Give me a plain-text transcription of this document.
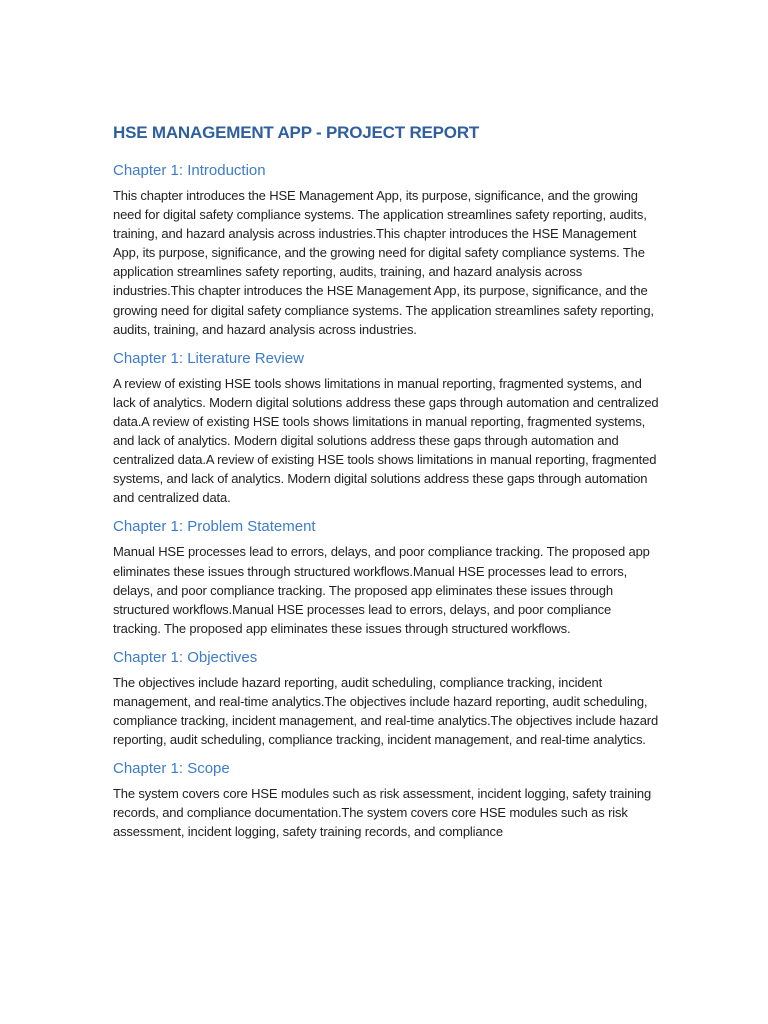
HSE MANAGEMENT APP - PROJECT REPORT
Chapter 1: Introduction

This chapter introduces the HSE Management App, its purpose, significance, and the growing need for digital safety compliance systems. The application streamlines safety reporting, audits, training, and hazard analysis across industries.This chapter introduces the HSE Management App, its purpose, significance, and the growing need for digital safety compliance systems. The application streamlines safety reporting, audits, training, and hazard analysis across industries.This chapter introduces the HSE Management App, its purpose, significance, and the growing need for digital safety compliance systems. The application streamlines safety reporting, audits, training, and hazard analysis across industries.

Chapter 1: Literature Review

A review of existing HSE tools shows limitations in manual reporting, fragmented systems, and lack of analytics. Modern digital solutions address these gaps through automation and centralized data.A review of existing HSE tools shows limitations in manual reporting, fragmented systems, and lack of analytics. Modern digital solutions address these gaps through automation and centralized data.A review of existing HSE tools shows limitations in manual reporting, fragmented systems, and lack of analytics. Modern digital solutions address these gaps through automation and centralized data.

Chapter 1: Problem Statement

Manual HSE processes lead to errors, delays, and poor compliance tracking. The proposed app eliminates these issues through structured workflows.Manual HSE processes lead to errors, delays, and poor compliance tracking. The proposed app eliminates these issues through structured workflows.Manual HSE processes lead to errors, delays, and poor compliance tracking. The proposed app eliminates these issues through structured workflows.

Chapter 1: Objectives

The objectives include hazard reporting, audit scheduling, compliance tracking, incident management, and real-time analytics.The objectives include hazard reporting, audit scheduling, compliance tracking, incident management, and real-time analytics.The objectives include hazard reporting, audit scheduling, compliance tracking, incident management, and real-time analytics.

Chapter 1: Scope

The system covers core HSE modules such as risk assessment, incident logging, safety training records, and compliance documentation.The system covers core HSE modules such as risk assessment, incident logging, safety training records, and compliance
